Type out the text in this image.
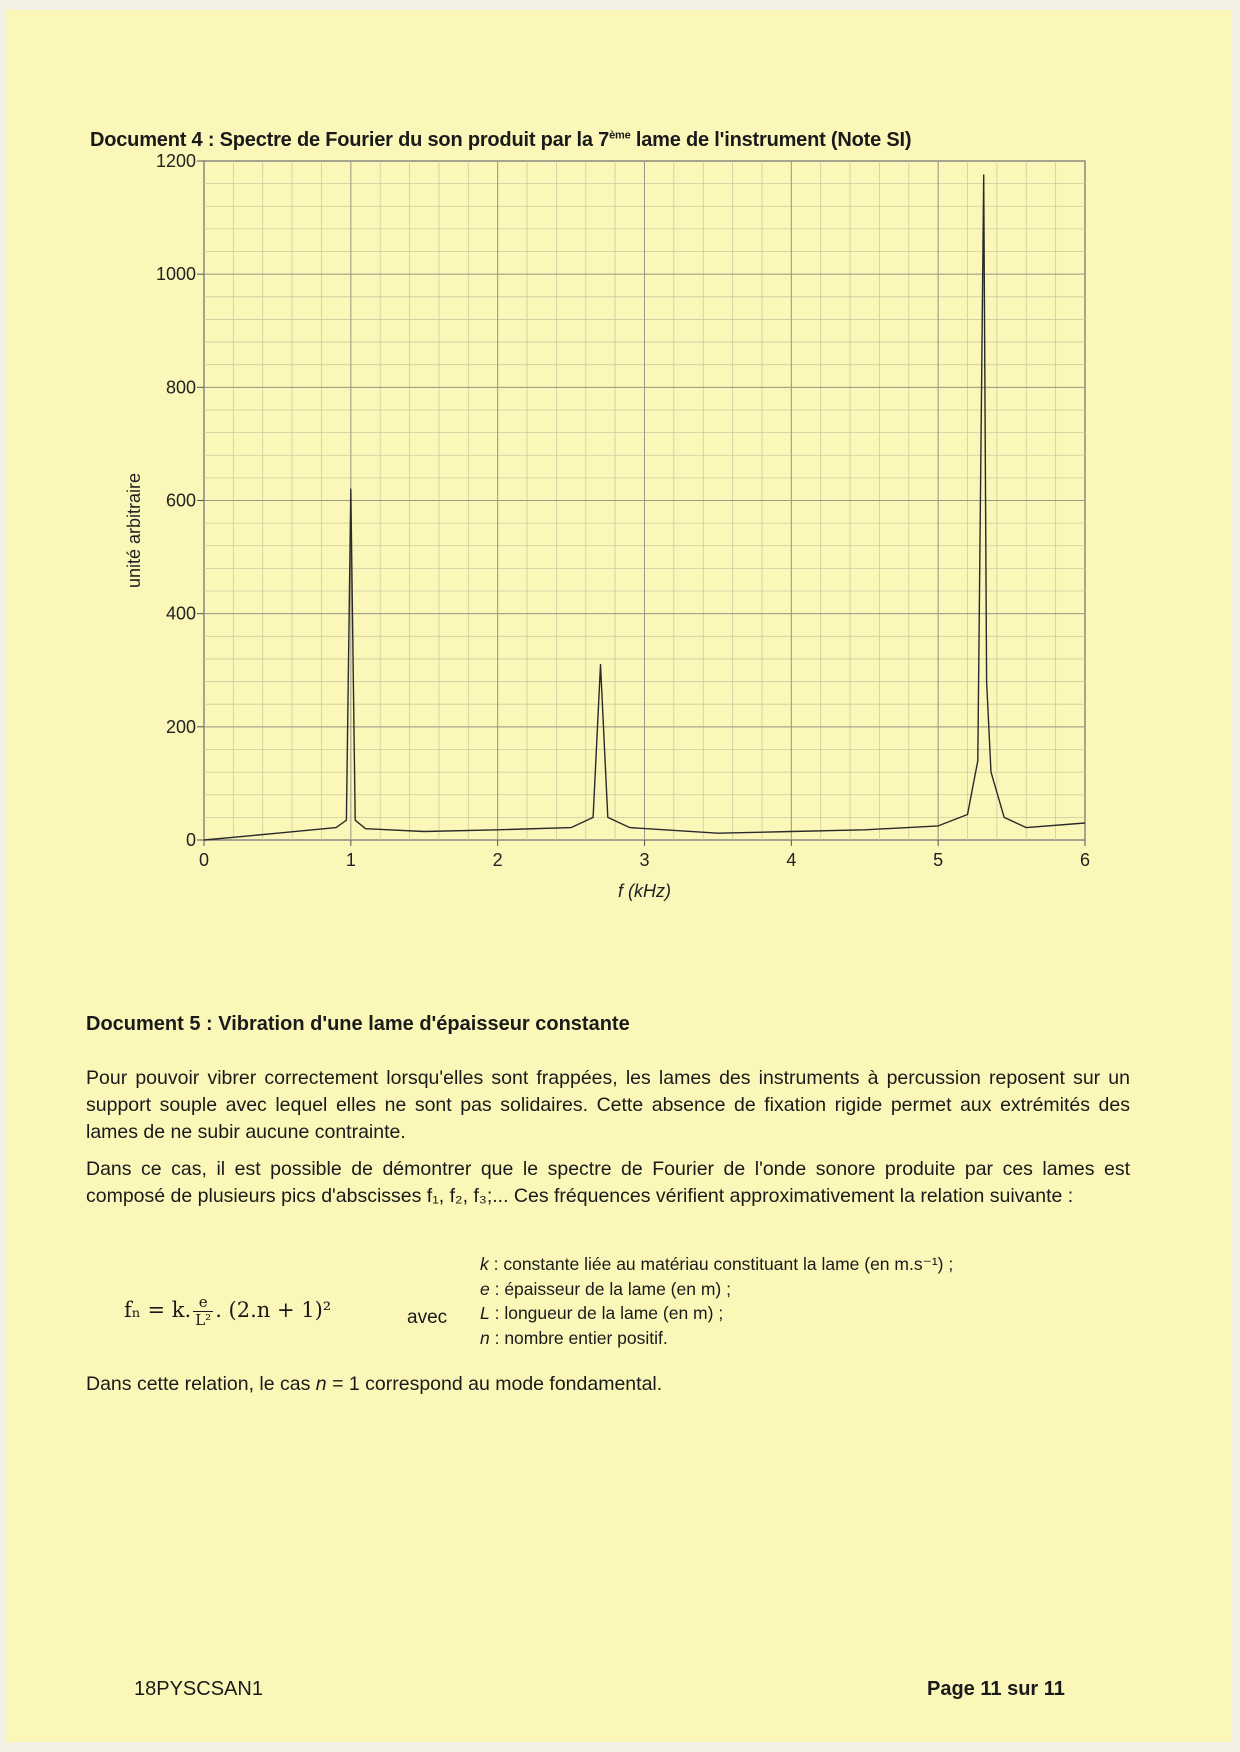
Document 4 : Spectre de Fourier du son produit par la 7ème lame de l'instrument (Note SI)
0	1	2	3	4	5	6
0
200
400
800
1000
1200
600
f (kHz)
unité arbitraire
Document 5 : Vibration d'une lame d'épaisseur constante
Pour pouvoir vibrer correctement lorsqu'elles sont frappées, les lames des instruments à percussion reposent sur un support souple avec lequel elles ne sont pas solidaires. Cette absence de fixation rigide permet aux extrémités des lames de ne subir aucune contrainte.
Dans ce cas, il est possible de démontrer que le spectre de Fourier de l'onde sonore produite par ces lames est composé de plusieurs pics d'abscisses f₁, f₂, f₃;... Ces fréquences vérifient approximativement la relation suivante :
fₙ = k. $\frac{e}{\text{L²}}$ . (2.n + 1)²	avec
k : constante liée au matériau constituant la lame (en m.s⁻¹) ;
e : épaisseur de la lame (en m) ;
L : longueur de la lame (en m) ;
n : nombre entier positif.
Dans cette relation, le cas n = 1 correspond au mode fondamental.
18PYSCSAN1	Page 11 sur 11
